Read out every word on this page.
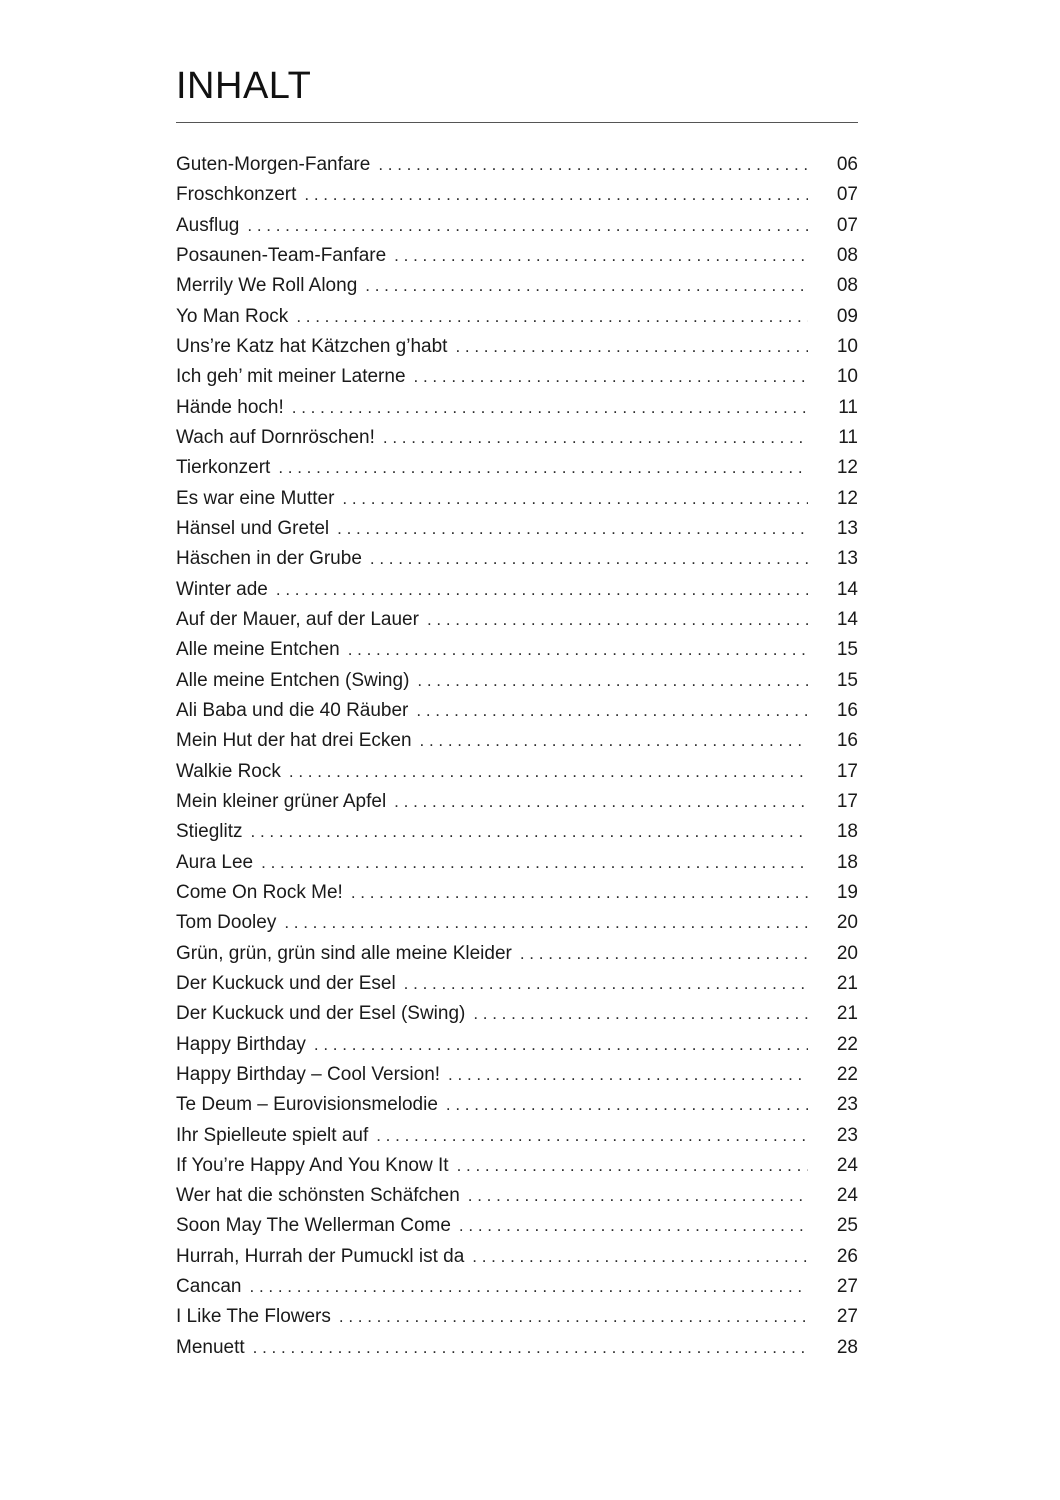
INHALT
Guten-Morgen-Fanfare . . .	06
Froschkonzert . . .	07
Ausflug . . .	07
Posaunen-Team-Fanfare . . .	08
Merrily We Roll Along . . .	08
Yo Man Rock . . .	09
Uns’re Katz hat Kätzchen g’habt . . .	10
Ich geh’ mit meiner Laterne . . .	10
Hände hoch! . . .	11
Wach auf Dornröschen! . . .	11
Tierkonzert . . .	12
Es war eine Mutter . . .	12
Hänsel und Gretel . . .	13
Häschen in der Grube . . .	13
Winter ade . . .	14
Auf der Mauer, auf der Lauer . . .	14
Alle meine Entchen . . .	15
Alle meine Entchen (Swing) . . .	15
Ali Baba und die 40 Räuber . . .	16
Mein Hut der hat drei Ecken . . .	16
Walkie Rock . . .	17
Mein kleiner grüner Apfel . . .	17
Stieglitz . . .	18
Aura Lee . . .	18
Come On Rock Me! . . .	19
Tom Dooley . . .	20
Grün, grün, grün sind alle meine Kleider . . .	20
Der Kuckuck und der Esel . . .	21
Der Kuckuck und der Esel (Swing) . . .	21
Happy Birthday . . .	22
Happy Birthday – Cool Version! . . .	22
Te Deum – Eurovisionsmelodie . . .	23
Ihr Spielleute spielt auf . . .	23
If You’re Happy And You Know It . . .	24
Wer hat die schönsten Schäfchen . . .	24
Soon May The Wellerman Come . . .	25
Hurrah, Hurrah der Pumuckl ist da . . .	26
Cancan . . .	27
I Like The Flowers . . .	27
Menuett . . .	28
